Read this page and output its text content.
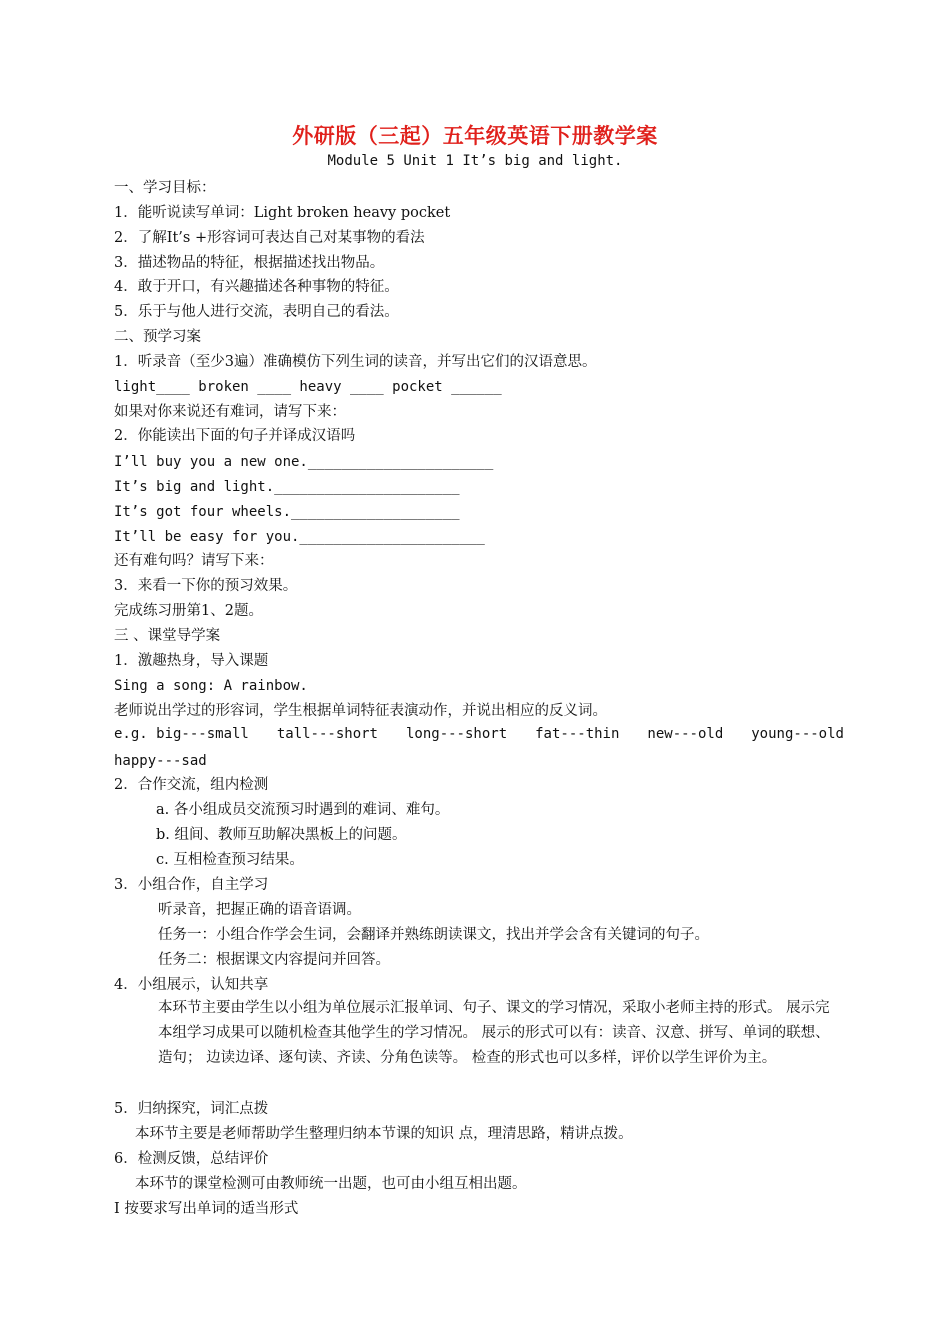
外研版（三起）五年级英语下册教学案
Module 5 Unit 1 It’s big and light.
一、学习目标：
1．能听说读写单词：Light broken heavy pocket
2．了解It’s +形容词可表达自己对某事物的看法
3．描述物品的特征，根据描述找出物品。
4．敢于开口，有兴趣描述各种事物的特征。
5．乐于与他人进行交流，表明自己的看法。
二、预学习案
1．听录音（至少3遍）准确模仿下列生词的读音，并写出它们的汉语意思。
light____ broken ____ heavy ____ pocket ______
如果对你来说还有难词，请写下来：
2．你能读出下面的句子并译成汉语吗
I’ll buy you a new one.______________________
It’s big and light.______________________
It’s got four wheels.____________________
It’ll be easy for you.______________________
还有难句吗？请写下来：
3．来看一下你的预习效果。
完成练习册第1、2题。
三 、课堂导学案
1．激趣热身，导入课题
Sing a song: A rainbow.
老师说出学过的形容词，学生根据单词特征表演动作，并说出相应的反义词。
e.g. big---small tall---short long---short fat---thin new---old young---old
happy---sad
2．合作交流，组内检测
a. 各小组成员交流预习时遇到的难词、难句。
b. 组间、教师互助解决黑板上的问题。
c. 互相检查预习结果。
3．小组合作，自主学习
听录音，把握正确的语音语调。
任务一：小组合作学会生词，会翻译并熟练朗读课文，找出并学会含有关键词的句子。
任务二：根据课文内容提问并回答。
4．小组展示，认知共享
本环节主要由学生以小组为单位展示汇报单词、句子、课文的学习情况，采取小老师主持的形式。 展示完本组学习成果可以随机检查其他学生的学习情况。 展示的形式可以有：读音、汉意、拼写、单词的联想、造句； 边读边译、逐句读、齐读、分角色读等。 检查的形式也可以多样，评价以学生评价为主。
5．归纳探究，词汇点拨
本环节主要是老师帮助学生整理归纳本节课的知识 点，理清思路，精讲点拨。
6．检测反馈，总结评价
本环节的课堂检测可由教师统一出题，也可由小组互相出题。
Ⅰ 按要求写出单词的适当形式
